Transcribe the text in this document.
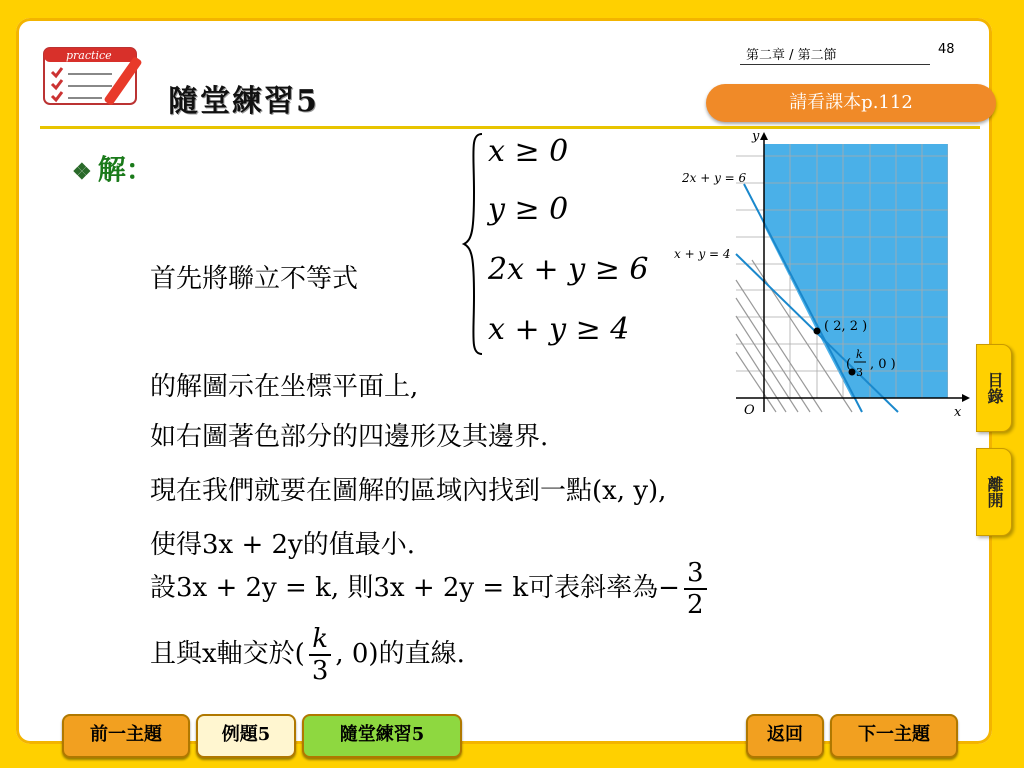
practice
隨堂練習5
第二章 / 第二節	48
請看課本p.112
目錄
離開
❖ 解：
首先將聯立不等式
x ≥ 0
y ≥ 0
2x + y ≥ 6
x + y ≥ 4
的解圖示在坐標平面上,
如右圖著色部分的四邊形及其邊界.
現在我們就要在圖解的區域內找到一點(x, y),
使得3x + 2y的值最小.
設3x + 2y = k, 則3x + 2y = k可表斜率為− $\frac{3}{2}$
且與x軸交於( $\frac{k}{3}$ , 0)的直線.
y
x
O
2x + y = 6
x + y = 4
( 2, 2 )
(
k
3
, 0 )
前一主題	例題5	隨堂練習5	返回	下一主題
